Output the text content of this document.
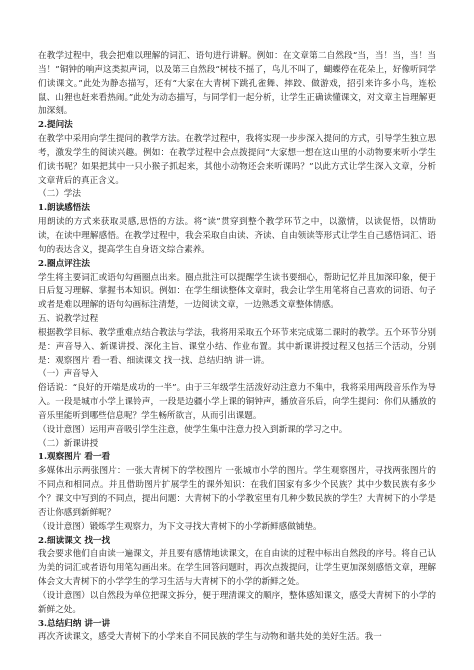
在教学过程中，我会把难以理解的词汇、语句进行讲解。例如：在文章第二自然段“当，当！当，当！当当！”铜钟的响声这类拟声词，以及第三自然段“树枝不摇了，鸟儿不叫了，蝴蝶停在花朵上，好像听同学们读课文。”此处为静态描写，还有“大家在大青树下跳孔雀舞、摔跤、做游戏，招引来许多小鸟，连松鼠、山狸也赶来看热闹。”此处为动态描写，与同学们一起分析，让学生正确读懂课文，对文章主旨理解更加深刻。

2.提问法

在教学中采用向学生提问的教学方法。在教学过程中，我将实现一步步深入提问的方式，引导学生独立思考，激发学生的阅读兴趣。例如：在教学过程中会点拨提问“大家想一想在这山里的小动物要来听小学生们读书呢？如果把其中一只小猴子抓起来，其他小动物还会来听课吗？”以此方式让学生深入文章，分析文章背后的真正含义。

（二）学法

1.朗读感悟法

用朗读的方式来获取灵感,思悟的方法。将“读”贯穿到整个教学环节之中，以激情，以读促悟，以情助读，在读中理解感悟。在教学过程中，我会采取自由读、齐读、自由领读等形式让学生自己感悟词汇、语句的表达含义，提高学生自身语文综合素养。

2.圈点评注法

学生将主要词汇或语句勾画圈点出来。圈点批注可以提醒学生读书要细心，帮助记忆并且加深印象，便于日后复习理解、掌握书本知识。例如：在学生细读整体文章时，我会让学生用笔将自己喜欢的词语、句子或者是难以理解的语句勾画标注清楚，一边阅读文章，一边熟悉文章整体情感。

五、说教学过程

根据教学目标、教学重难点结合教法与学法，我将用采取五个环节来完成第二课时的教学。五个环节分别是：声音导入、新课讲授、深化主旨、课堂小结、作业布置。其中新课讲授过程又包括三个活动，分别是：观察图片 看一看、细读课文 找一找、总结归纳 讲一讲。

（一）声音导入

俗话说：“良好的开端是成功的一半”。由于三年级学生活泼好动注意力不集中，我将采用两段音乐作为导入。一段是城市小学上课铃声，一段是边疆小学上课的铜钟声，播放音乐后，向学生提问：你们从播放的音乐里能听到哪些信息呢？学生畅所欲言，从而引出课题。

（设计意图）运用声音吸引学生注意，使学生集中注意力投入到新课的学习之中。

（二）新课讲授

1.观察图片 看一看

多媒体出示两张图片：一张大青树下的学校图片 一张城市小学的图片。学生观察图片，寻找两张图片的不同点和相同点。并且借助图片扩展学生的课外知识：在我们国家有多少个民族？其中少数民族有多少个？课文中写到的不同点，提出问题：大青树下的小学教室里有几种少数民族的学生？大青树下的小学是否让你感到新鲜呢？

（设计意图）锻炼学生观察力，为下文寻找大青树下的小学新鲜感做铺垫。

2.细读课文 找一找

我会要求他们自由读一遍课文，并且要有感情地读课文，在自由读的过程中标出自然段的序号。将自己认为美的词汇或者语句用笔勾画出来。在学生回答问题时，再次点拨提问，让学生更加深刻感悟文章，理解体会文大青树下的小学学生的学习生活与大青树下的小学的新鲜之处。

（设计意图）以自然段为单位把课文拆分，便于理清课文的顺序，整体感知课文，感受大青树下的小学的新鲜之处。

3.总结归纳 讲一讲

再次齐读课文，感受大青树下的小学来自不同民族的学生与动物和谐共处的美好生活。我一
